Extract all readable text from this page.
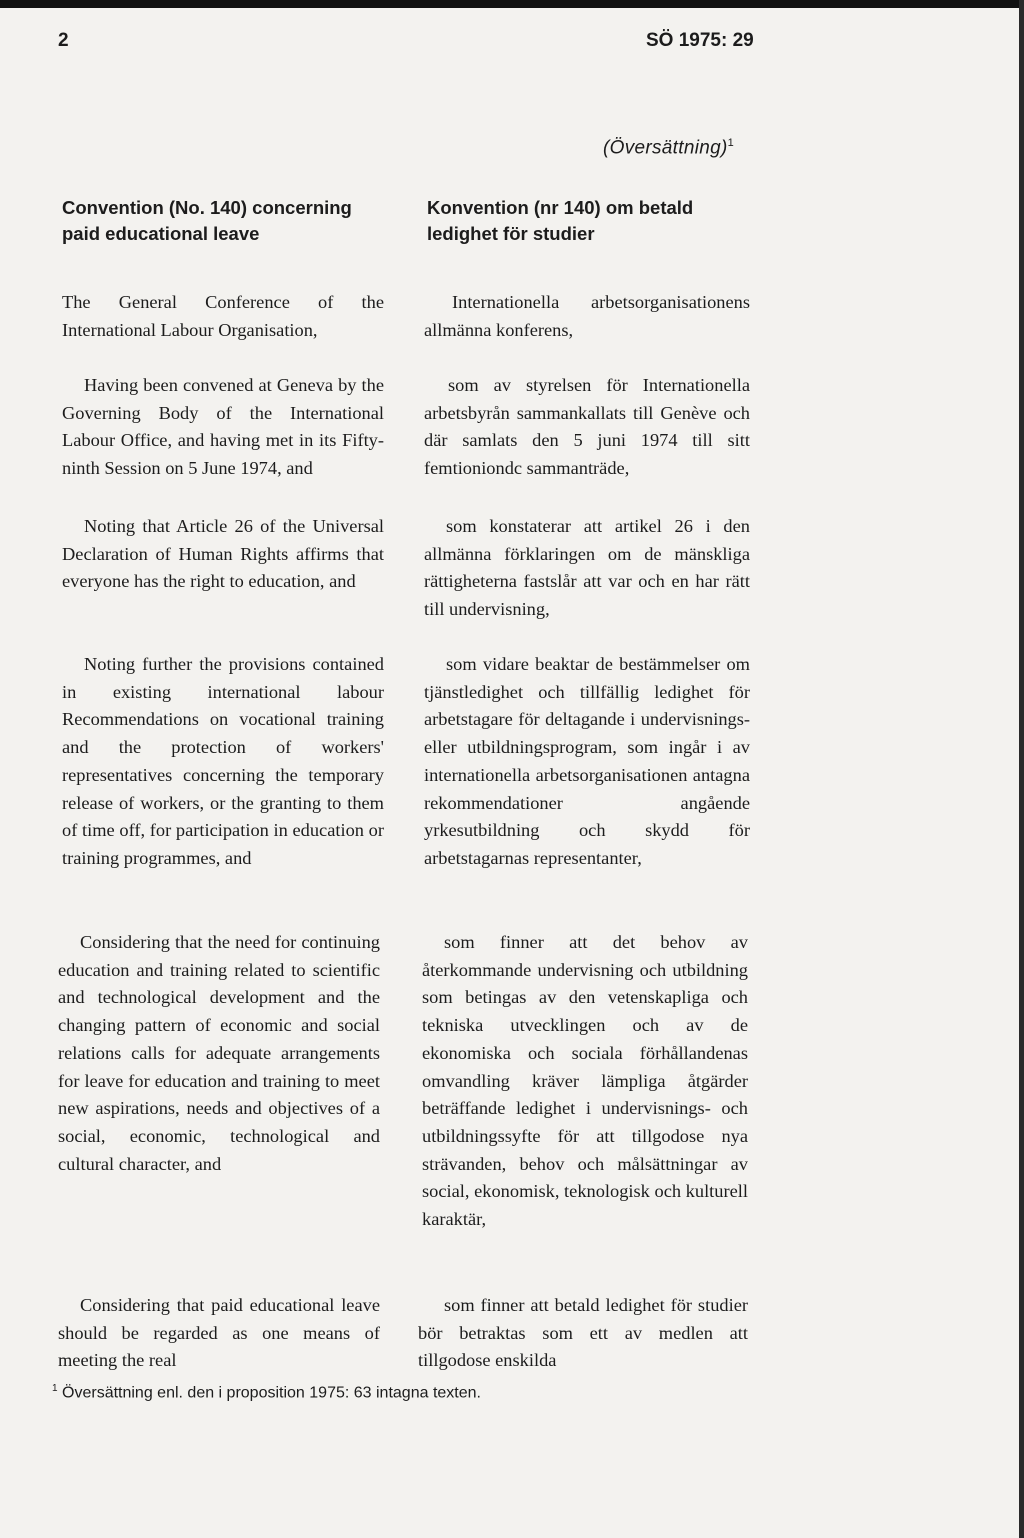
2	SÖ 1975: 29
(Översättning)$^1$
Convention (No. 140) concerning paid educational leave
Konvention (nr 140) om betald ledighet för studier

The General Conference of the International Labour Organisation,

Having been convened at Geneva by the Governing Body of the International Labour Office, and having met in its Fifty-ninth Session on 5 June 1974, and

Noting that Article 26 of the Universal Declaration of Human Rights affirms that everyone has the right to education, and

Noting further the provisions contained in existing international labour Recommendations on vocational training and the protection of workers' representatives concerning the temporary release of workers, or the granting to them of time off, for participation in education or training programmes, and

Considering that the need for continuing education and training related to scientific and technological development and the changing pattern of economic and social relations calls for adequate arrangements for leave for education and training to meet new aspirations, needs and objectives of a social, economic, technological and cultural character, and

Considering that paid educational leave should be regarded as one means of meeting the real

Internationella arbetsorganisationens allmänna konferens,

som av styrelsen för Internationella arbetsbyrån sammankallats till Genève och där samlats den 5 juni 1974 till sitt femtioniondc sammanträde,

som konstaterar att artikel 26 i den allmänna förklaringen om de mänskliga rättigheterna fastslår att var och en har rätt till undervisning,

som vidare beaktar de bestämmelser om tjänstledighet och tillfällig ledighet för arbetstagare för deltagande i undervisnings- eller utbildningsprogram, som ingår i av internationella arbetsorganisationen antagna rekommendationer angående yrkesutbildning och skydd för arbetstagarnas representanter,

som finner att det behov av återkommande undervisning och utbildning som betingas av den vetenskapliga och tekniska utvecklingen och av de ekonomiska och sociala förhållandenas omvandling kräver lämpliga åtgärder beträffande ledighet i undervisnings- och utbildningssyfte för att tillgodose nya strävanden, behov och målsättningar av social, ekonomisk, teknologisk och kulturell karaktär,

som finner att betald ledighet för studier bör betraktas som ett av medlen att tillgodose enskilda

$^1$ Översättning enl. den i proposition 1975: 63 intagna texten.
